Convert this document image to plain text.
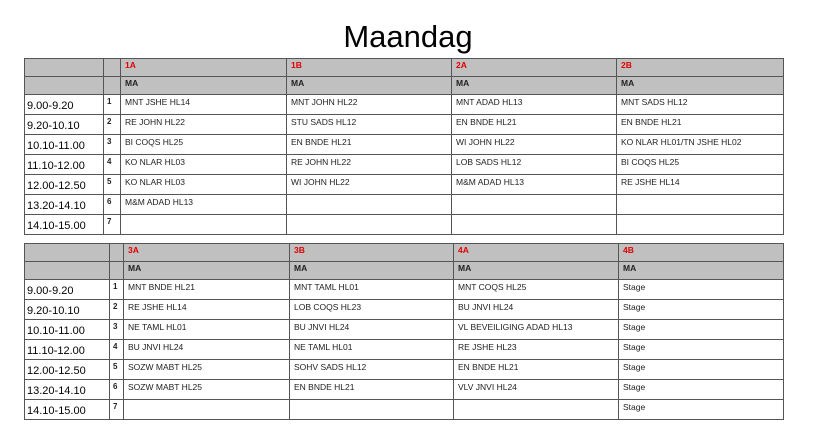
Maandag
		1A	1B	2A	2B
		MA	MA	MA	MA
9.00-9.20	1	MNT JSHE HL14	MNT JOHN HL22	MNT ADAD HL13	MNT SADS HL12
9.20-10.10	2	RE JOHN HL22	STU SADS HL12	EN BNDE HL21	EN BNDE HL21
10.10-11.00	3	BI COQS HL25	EN BNDE HL21	WI JOHN HL22	KO NLAR HL01/TN JSHE HL02
11.10-12.00	4	KO NLAR HL03	RE JOHN HL22	LOB SADS HL12	BI COQS HL25
12.00-12.50	5	KO NLAR HL03	WI JOHN HL22	M&M ADAD HL13	RE JSHE HL14
13.20-14.10	6	M&M ADAD HL13			
14.10-15.00	7				
		3A	3B	4A	4B
		MA	MA	MA	MA
9.00-9.20	1	MNT BNDE HL21	MNT TAML HL01	MNT COQS HL25	Stage
9.20-10.10	2	RE JSHE HL14	LOB COQS HL23	BU JNVI HL24	Stage
10.10-11.00	3	NE TAML HL01	BU JNVI HL24	VL BEVEILIGING ADAD HL13	Stage
11.10-12.00	4	BU JNVI HL24	NE TAML HL01	RE JSHE HL23	Stage
12.00-12.50	5	SOZW MABT HL25	SOHV SADS HL12	EN BNDE HL21	Stage
13.20-14.10	6	SOZW MABT HL25	EN BNDE HL21	VLV JNVI HL24	Stage
14.10-15.00	7				Stage
